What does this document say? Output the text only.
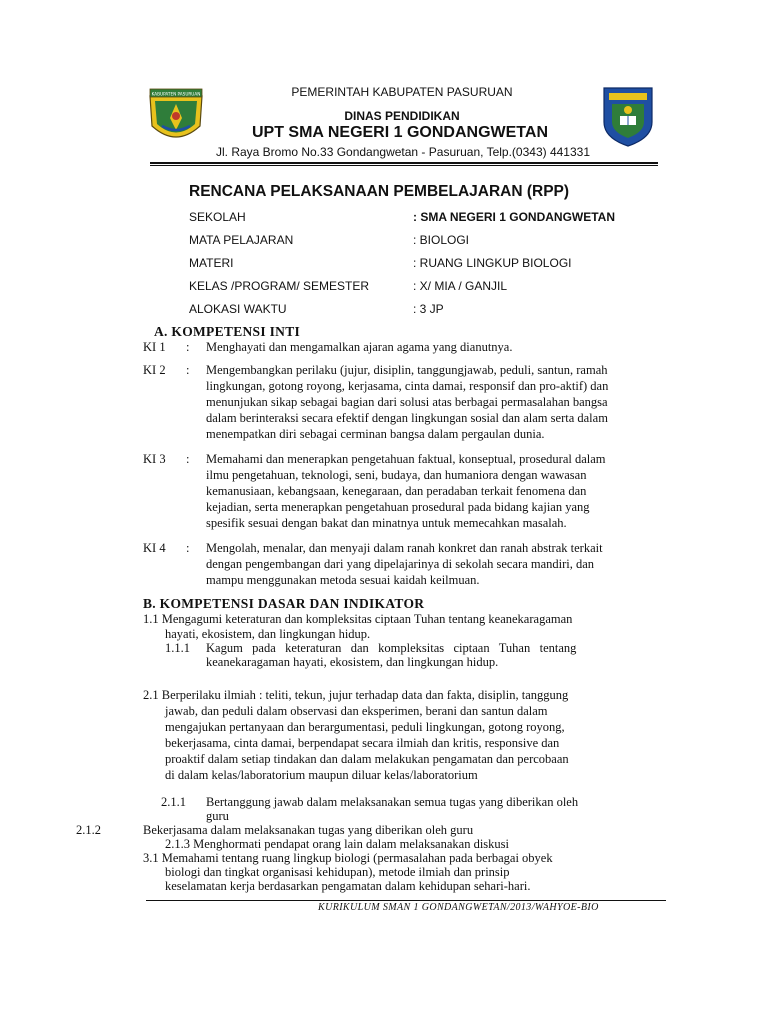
KABUPATEN PASURUAN	PEMERINTAH KABUPATEN PASURUAN
DINAS PENDIDIKAN
UPT SMA NEGERI 1 GONDANGWETAN
Jl. Raya Bromo No.33 Gondangwetan - Pasuruan, Telp.(0343) 441331
RENCANA PELAKSANAAN PEMBELAJARAN (RPP)
SEKOLAH	: SMA NEGERI 1 GONDANGWETAN
MATA PELAJARAN	: BIOLOGI
MATERI	: RUANG LINGKUP BIOLOGI
KELAS /PROGRAM/ SEMESTER	: X/ MIA / GANJIL
ALOKASI WAKTU	: 3 JP
A. KOMPETENSI INTI
KI 1 : Menghayati dan mengamalkan ajaran agama yang dianutnya.
KI 2 : Mengembangkan perilaku (jujur, disiplin, tanggungjawab, peduli, santun, ramah
lingkungan, gotong royong, kerjasama, cinta damai, responsif dan pro-aktif) dan
menunjukan sikap sebagai bagian dari solusi atas berbagai permasalahan bangsa
dalam berinteraksi secara efektif dengan lingkungan sosial dan alam serta dalam
menempatkan diri sebagai cerminan bangsa dalam pergaulan dunia.
KI 3 : Memahami dan menerapkan pengetahuan faktual, konseptual, prosedural dalam
ilmu pengetahuan, teknologi, seni, budaya, dan humaniora dengan wawasan
kemanusiaan, kebangsaan, kenegaraan, dan peradaban terkait fenomena dan
kejadian, serta menerapkan pengetahuan prosedural pada bidang kajian yang
spesifik sesuai dengan bakat dan minatnya untuk memecahkan masalah.
KI 4 : Mengolah, menalar, dan menyaji dalam ranah konkret dan ranah abstrak terkait
dengan pengembangan dari yang dipelajarinya di sekolah secara mandiri, dan
mampu menggunakan metoda sesuai kaidah keilmuan.
B. KOMPETENSI DASAR DAN INDIKATOR
1.1 Mengagumi keteraturan dan kompleksitas ciptaan Tuhan tentang keanekaragaman
hayati, ekosistem, dan lingkungan hidup.
1.1.1 Kagum   pada   keteraturan   dan   kompleksitas   ciptaan   Tuhan   tentang
keanekaragaman hayati, ekosistem, dan lingkungan hidup.
2.1 Berperilaku ilmiah : teliti, tekun, jujur terhadap data dan fakta, disiplin, tanggung
jawab, dan peduli dalam observasi dan eksperimen, berani dan santun dalam
mengajukan pertanyaan dan berargumentasi, peduli lingkungan, gotong royong,
bekerjasama, cinta damai, berpendapat secara ilmiah dan kritis, responsive dan
proaktif dalam setiap tindakan dan dalam melakukan pengamatan dan percobaan
di dalam kelas/laboratorium maupun diluar kelas/laboratorium
2.1.1 Bertanggung jawab dalam melaksanakan semua tugas yang diberikan oleh
guru
2.1.2	Bekerjasama dalam melaksanakan tugas yang diberikan oleh guru
2.1.3 Menghormati pendapat orang lain dalam melaksanakan diskusi
3.1 Memahami tentang ruang lingkup biologi (permasalahan pada berbagai obyek
biologi dan tingkat organisasi kehidupan), metode ilmiah dan prinsip
keselamatan kerja berdasarkan pengamatan dalam kehidupan sehari-hari.
KURIKULUM SMAN 1 GONDANGWETAN/2013/WAHYOE-BIO
